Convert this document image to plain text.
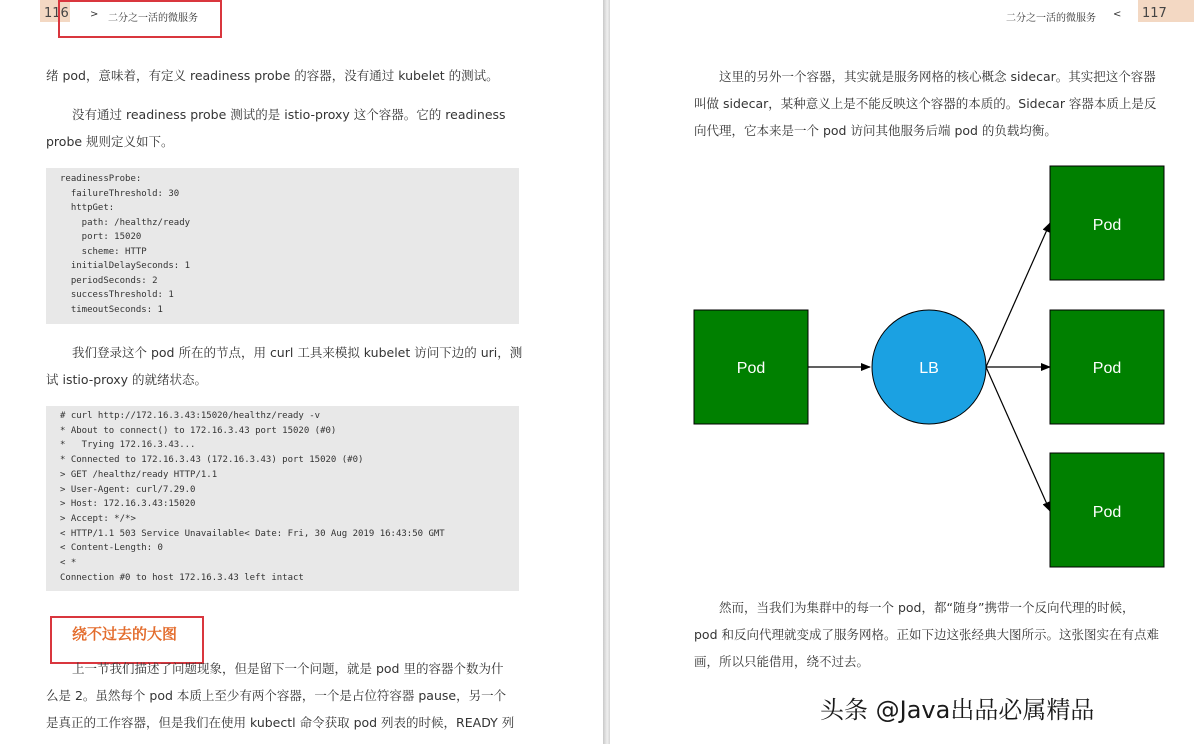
116 > 二分之一活的微服务

绪 pod，意味着，有定义 readiness probe 的容器，没有通过 kubelet 的测试。

没有通过 readiness probe 测试的是 istio-proxy 这个容器。它的 readiness

probe 规则定义如下。

readinessProbe:
failureThreshold: 30
httpGet:
path: /healthz/ready
port: 15020
scheme: HTTP
initialDelaySeconds: 1
periodSeconds: 2
successThreshold: 1
timeoutSeconds: 1

我们登录这个 pod 所在的节点，用 curl 工具来模拟 kubelet 访问下边的 uri，测

试 istio-proxy 的就绪状态。

# curl http://172.16.3.43:15020/healthz/ready -v
* About to connect() to 172.16.3.43 port 15020 (#0)
*   Trying 172.16.3.43...
* Connected to 172.16.3.43 (172.16.3.43) port 15020 (#0)
> GET /healthz/ready HTTP/1.1
> User-Agent: curl/7.29.0
> Host: 172.16.3.43:15020
> Accept: */*>
< HTTP/1.1 503 Service Unavailable< Date: Fri, 30 Aug 2019 16:43:50 GMT
< Content-Length: 0
< *
Connection #0 to host 172.16.3.43 left intact
绕不过去的大图

上一节我们描述了问题现象，但是留下一个问题，就是 pod 里的容器个数为什

么是 2。虽然每个 pod 本质上至少有两个容器，一个是占位符容器 pause，另一个

是真正的工作容器，但是我们在使用 kubectl 命令获取 pod 列表的时候，READY 列

二分之一活的微服务 < 117

这里的另外一个容器，其实就是服务网格的核心概念 sidecar。其实把这个容器

叫做 sidecar，某种意义上是不能反映这个容器的本质的。Sidecar 容器本质上是反

向代理，它本来是一个 pod 访问其他服务后端 pod 的负载均衡。

Pod	LB
Pod
Pod
Pod

然而，当我们为集群中的每一个 pod，都“随身”携带一个反向代理的时候，

pod 和反向代理就变成了服务网格。正如下边这张经典大图所示。这张图实在有点难

画，所以只能借用，绕不过去。

头条 @Java出品必属精品
